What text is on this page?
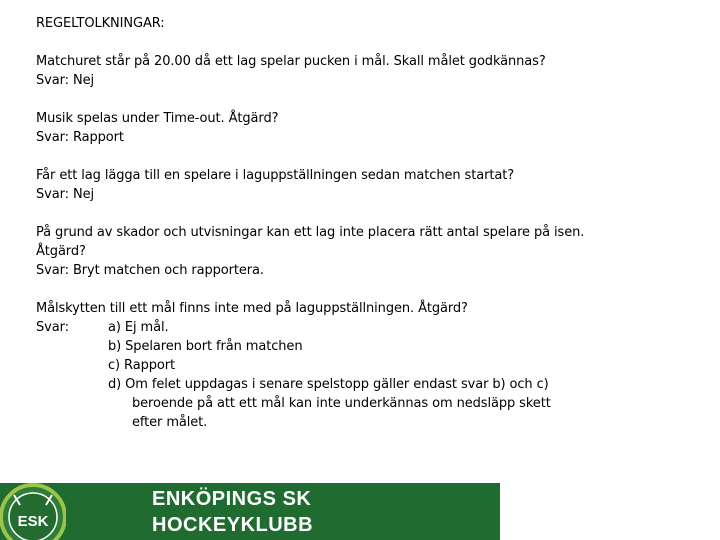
REGELTOLKNINGAR:
Matchuret står på 20.00 då ett lag spelar pucken i mål. Skall målet godkännas?
Svar: Nej
Musik spelas under Time-out. Åtgärd?
Svar: Rapport
Får ett lag lägga till en spelare i laguppställningen sedan matchen startat?
Svar: Nej
På grund av skador och utvisningar kan ett lag inte placera rätt antal spelare på isen.
Åtgärd?
Svar: Bryt matchen och rapportera.
Målskytten till ett mål finns inte med på laguppställningen. Åtgärd?
Svar:	a) Ej mål.
b) Spelaren bort från matchen
c) Rapport
d) Om felet uppdagas i senare spelstopp gäller endast svar b) och c)
beroende på att ett mål kan inte underkännas om nedsläpp skett
efter målet.
ESK
ENKÖPINGS SK
HOCKEYKLUBB
